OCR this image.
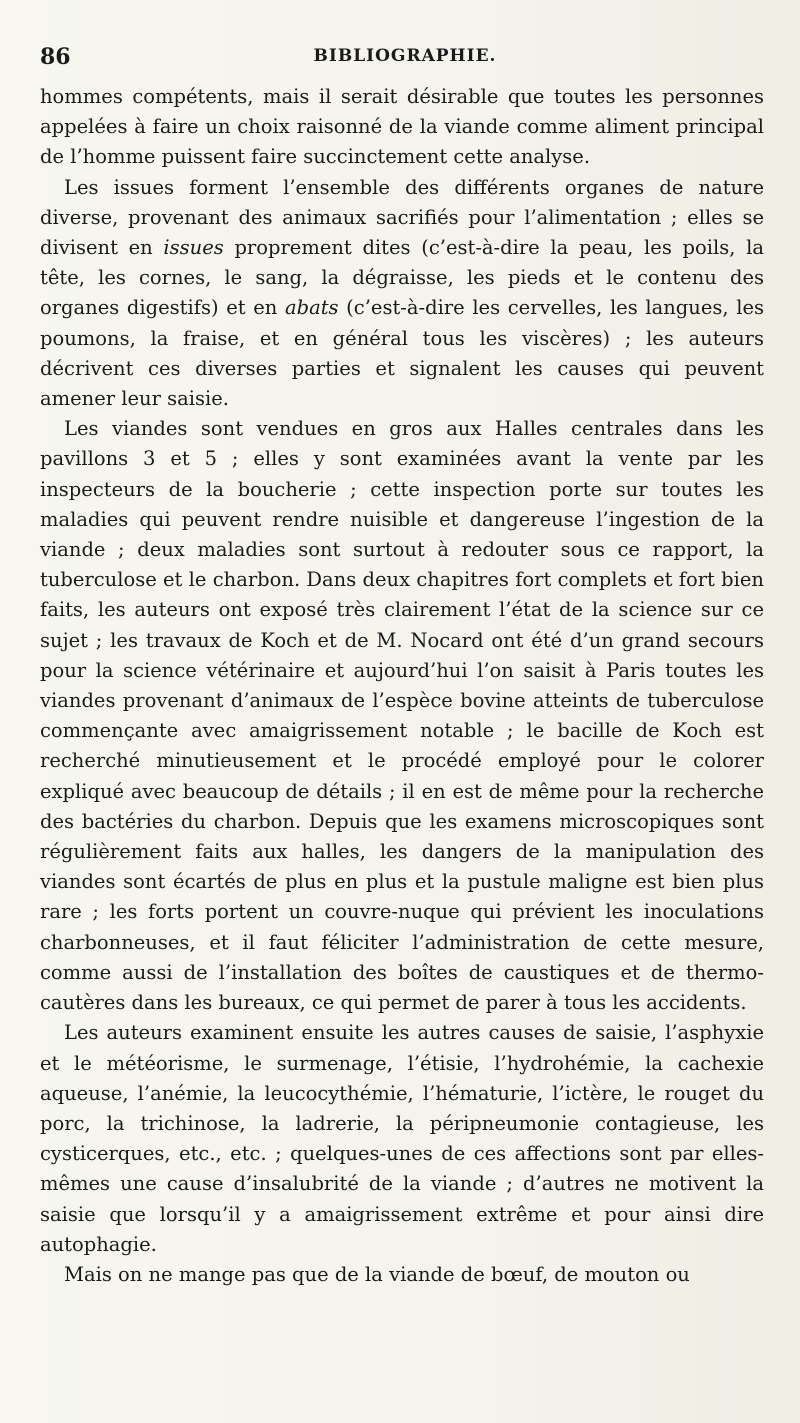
86	BIBLIOGRAPHIE.

hommes compétents, mais il serait désirable que toutes les personnes appelées à faire un choix raisonné de la viande comme aliment principal de l’homme puissent faire succinctement cette analyse.

Les issues forment l’ensemble des différents organes de nature diverse, provenant des animaux sacrifiés pour l’alimentation ; elles se divisent en issues proprement dites (c’est-à-dire la peau, les poils, la tête, les cornes, le sang, la dégraisse, les pieds et le contenu des organes digestifs) et en abats (c’est-à-dire les cervelles, les langues, les poumons, la fraise, et en général tous les viscères) ; les auteurs décrivent ces diverses parties et signalent les causes qui peuvent amener leur saisie.

Les viandes sont vendues en gros aux Halles centrales dans les pavillons 3 et 5 ; elles y sont examinées avant la vente par les inspecteurs de la boucherie ; cette inspection porte sur toutes les maladies qui peuvent rendre nuisible et dangereuse l’ingestion de la viande ; deux maladies sont surtout à redouter sous ce rapport, la tuberculose et le charbon. Dans deux chapitres fort complets et fort bien faits, les auteurs ont exposé très clairement l’état de la science sur ce sujet ; les travaux de Koch et de M. Nocard ont été d’un grand secours pour la science vétérinaire et aujourd’hui l’on saisit à Paris toutes les viandes provenant d’animaux de l’espèce bovine atteints de tuberculose commençante avec amaigrissement notable ; le bacille de Koch est recherché minutieusement et le procédé employé pour le colorer expliqué avec beaucoup de détails ; il en est de même pour la recherche des bactéries du charbon. Depuis que les examens microscopiques sont régulièrement faits aux halles, les dangers de la manipulation des viandes sont écartés de plus en plus et la pustule maligne est bien plus rare ; les forts portent un couvre-nuque qui prévient les inoculations charbonneuses, et il faut féliciter l’administration de cette mesure, comme aussi de l’installation des boîtes de caustiques et de thermo-cautères dans les bureaux, ce qui permet de parer à tous les accidents.

Les auteurs examinent ensuite les autres causes de saisie, l’asphyxie et le météorisme, le surmenage, l’étisie, l’hydrohémie, la cachexie aqueuse, l’anémie, la leucocythémie, l’hématurie, l’ictère, le rouget du porc, la trichinose, la ladrerie, la péripneumonie contagieuse, les cysticerques, etc., etc. ; quelques-unes de ces affections sont par elles-mêmes une cause d’insalubrité de la viande ; d’autres ne motivent la saisie que lorsqu’il y a amaigrissement extrême et pour ainsi dire autophagie.

Mais on ne mange pas que de la viande de bœuf, de mouton ou
